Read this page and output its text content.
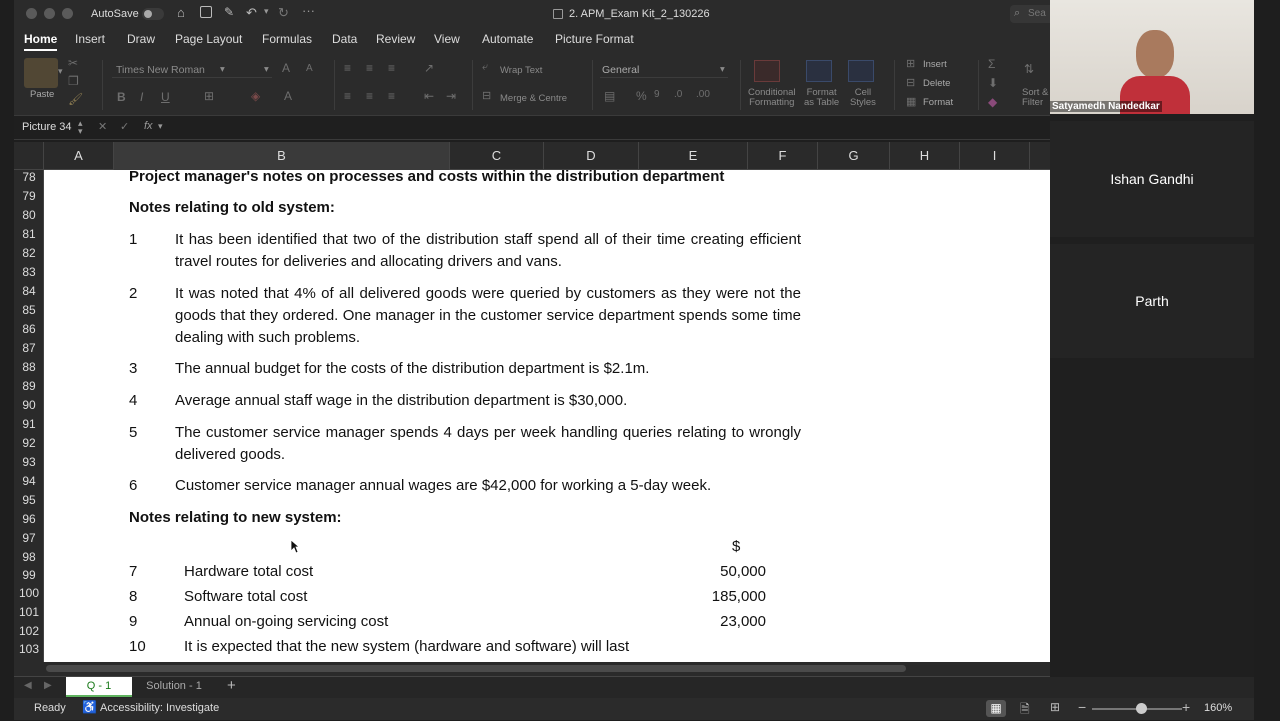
AutoSave	⌂	✎ ↶ ▾ ↻ ···	2. APM_Exam Kit_2_130226	⌕ Sea
Home Insert Draw Page Layout Formulas Data Review View Automate Picture Format
▾
Paste
✂
❐
🖌
Times New Roman ▾	▾ A A
B I U	⊞	◈ A
≡ ≡ ≡ ↗
≡ ≡ ≡ ⇤ ⇥
⤶ Wrap Text
⊟ Merge & Centre
General	▾
▤ % 9 .0 .00	Conditional
Formatting
Format
as Table
Cell
Styles
⊞ Insert
⊟ Delete
▦ Format
Σ
⬇
◆
⇅
Sort &
Filter
Picture 34 ▴
▾ ✕ ✓ fx ▾
A	B	C	D	E	F	G	H	I
78
79
80
81
82
83
84
85
86
87
88
89
90
91
92
93
94
95
96
97
98
99
100
101
102
103
Project manager's notes on processes and costs within the distribution department
Notes relating to old system:
1	It has been identified that two of the distribution staff spend all of their time creating efficient travel routes for deliveries and allocating drivers and vans.
2	It was noted that 4% of all delivered goods were queried by customers as they were not the goods that they ordered. One manager in the customer service department spends some time dealing with such problems.
3	The annual budget for the costs of the distribution department is $2.1m.
4	Average annual staff wage in the distribution department is $30,000.
5	The customer service manager spends 4 days per week handling queries relating to wrongly delivered goods.
6	Customer service manager annual wages are $42,000 for working a 5-day week.
Notes relating to new system:
$
7	Hardware total cost	50,000
8	Software total cost	185,000
9	Annual on-going servicing cost	23,000
10	It is expected that the new system (hardware and software) will last
◀ ▶	Q - 1	Solution - 1	+
Ready ♿ Accessibility: Investigate	▦	🗎 ⊞ −	+ 160%
Satyamedh Nandedkar
Ishan Gandhi
Parth
